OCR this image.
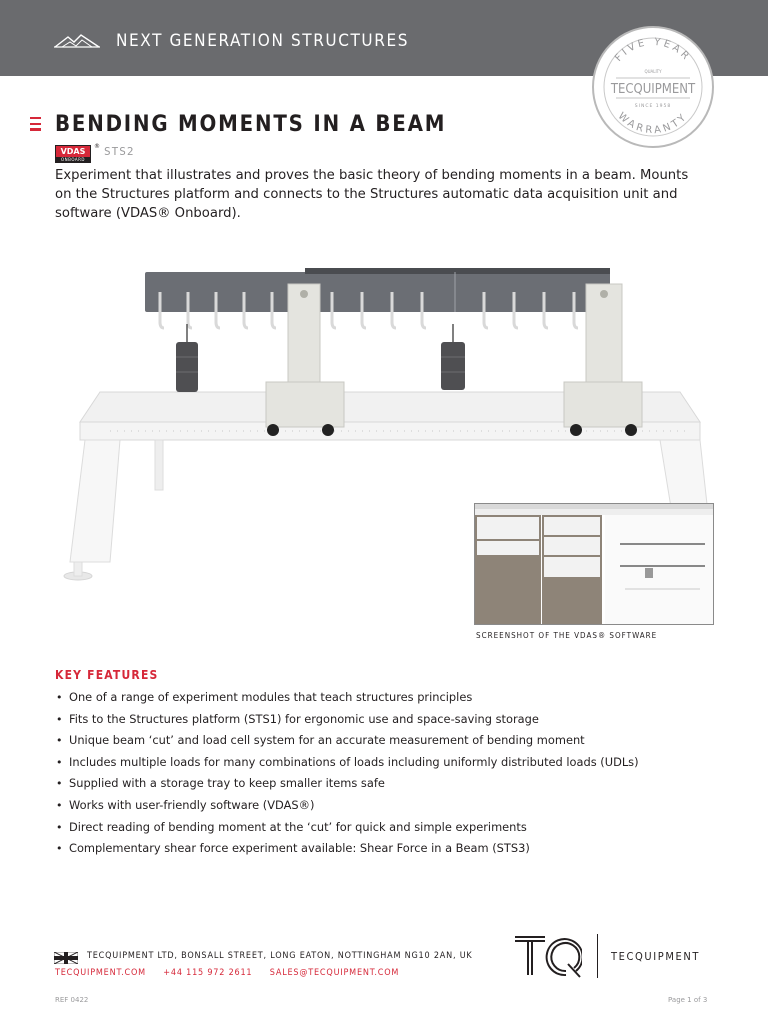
NEXT GENERATION STRUCTURES
FIVE YEAR
WARRANTY
QUALITY
TECQUIPMENT
SINCE 1958
BENDING MOMENTS IN A BEAM
VDAS
ONBOARD
® STS2

Experiment that illustrates and proves the basic theory of bending moments in a beam. Mounts on the Structures platform and connects to the Structures automatic data acquisition unit and software (VDAS® Onboard).

SCREENSHOT OF THE VDAS® SOFTWARE
KEY FEATURES
• One of a range of experiment modules that teach structures principles
• Fits to the Structures platform (STS1) for ergonomic use and space-saving storage
• Unique beam ‘cut’ and load cell system for an accurate measurement of bending moment
• Includes multiple loads for many combinations of loads including uniformly distributed loads (UDLs)
• Supplied with a storage tray to keep smaller items safe
• Works with user-friendly software (VDAS®)
• Direct reading of bending moment at the ‘cut’ for quick and simple experiments
• Complementary shear force experiment available: Shear Force in a Beam (STS3)
TECQUIPMENT LTD, BONSALL STREET, LONG EATON, NOTTINGHAM NG10 2AN, UK
TECQUIPMENT.COM +44 115 972 2611 SALES@TECQUIPMENT.COM
TECQUIPMENT
REF 0422	Page 1 of 3
